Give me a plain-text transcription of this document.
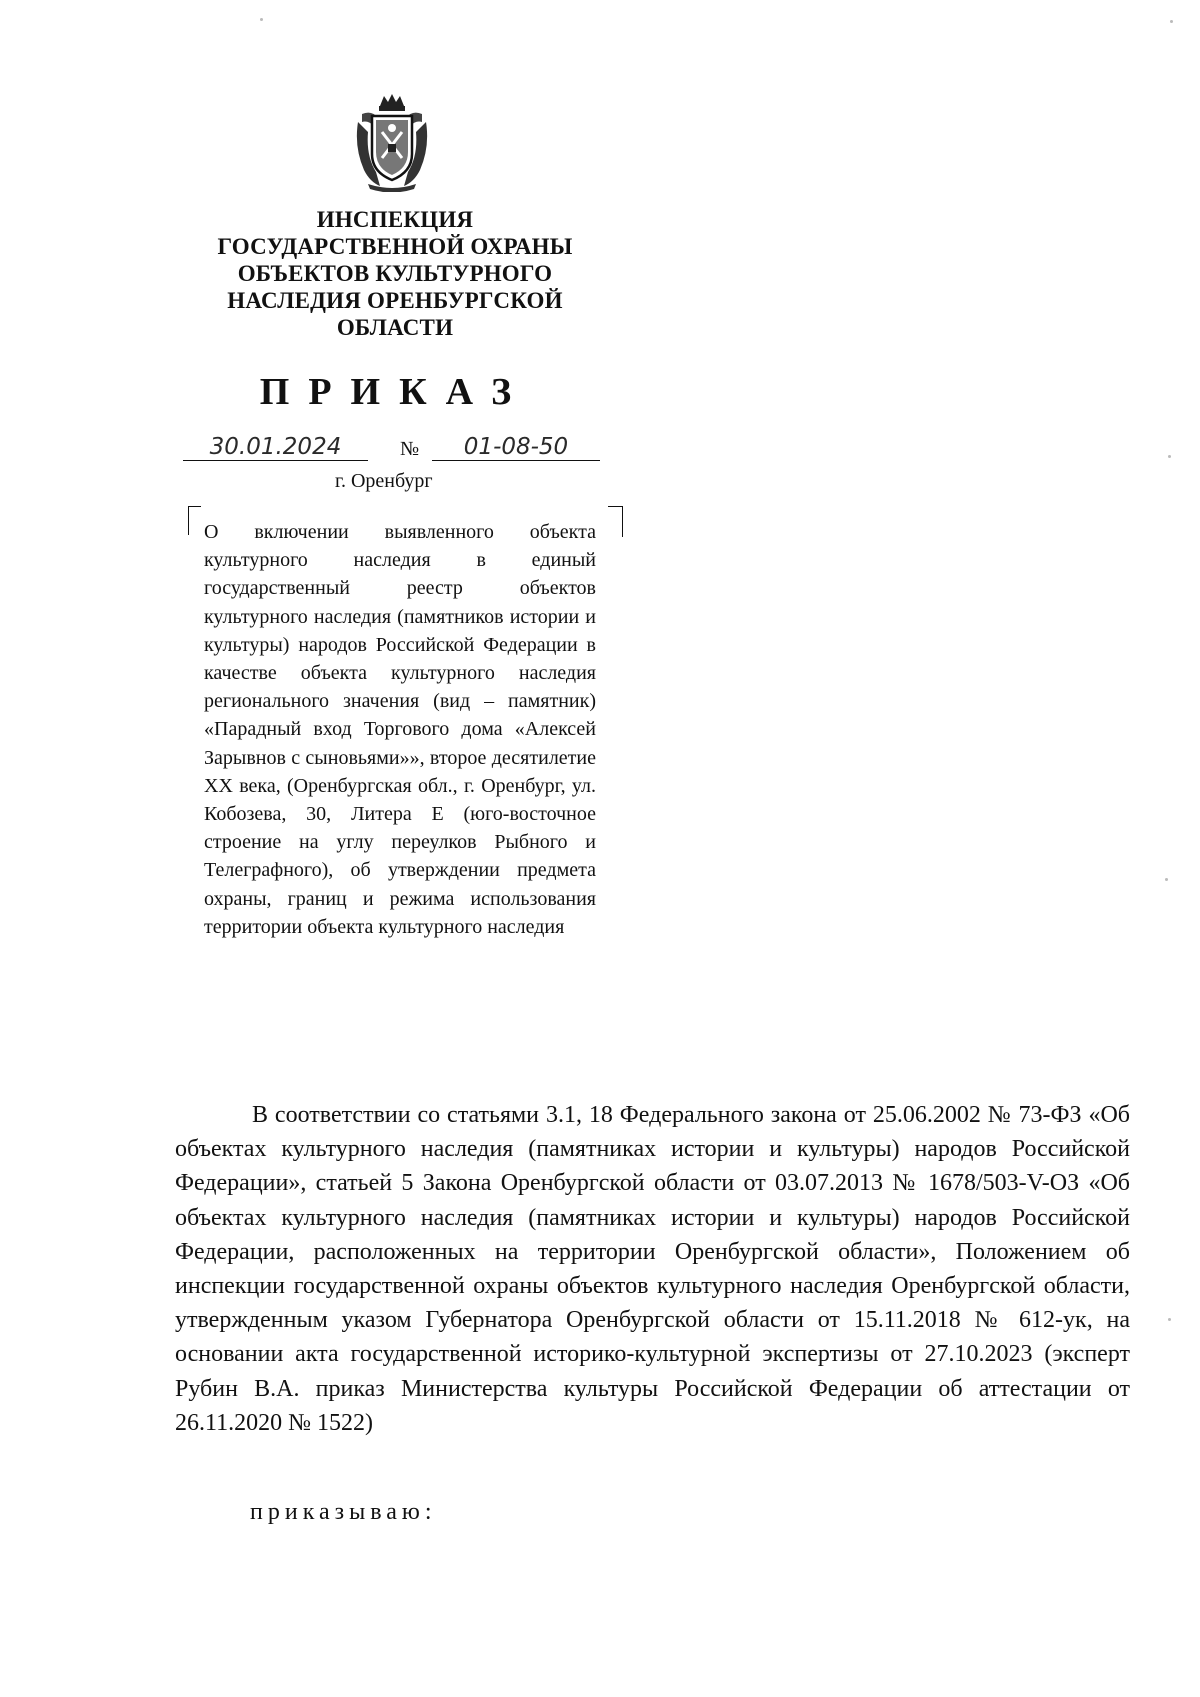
ИНСПЕКЦИЯ
ГОСУДАРСТВЕННОЙ ОХРАНЫ
ОБЪЕКТОВ КУЛЬТУРНОГО
НАСЛЕДИЯ ОРЕНБУРГСКОЙ
ОБЛАСТИ
ПРИКАЗ
30.01.2024	№	01-08-50
г. Оренбург
О включении выявленного объекта культурного наследия в единый государственный реестр объектов культурного наследия (памятников истории и культуры) народов Российской Федерации в качестве объекта культурного наследия регионального значения (вид – памятник) «Парадный вход Торгового дома «Алексей Зарывнов с сыновьями»», второе десятилетие XX века, (Оренбургская обл., г. Оренбург, ул. Кобозева, 30, Литера Е (юго-восточное строение на углу переулков Рыбного и Телеграфного), об утверждении предмета охраны, границ и режима использования территории объекта культурного наследия
В соответствии со статьями 3.1, 18 Федерального закона от 25.06.2002 № 73-ФЗ «Об объектах культурного наследия (памятниках истории и культуры) народов Российской Федерации», статьей 5 Закона Оренбургской области от 03.07.2013 № 1678/503-V-ОЗ «Об объектах культурного наследия (памятниках истории и культуры) народов Российской Федерации, расположенных на территории Оренбургской области», Положением об инспекции государственной охраны объектов культурного наследия Оренбургской области, утвержденным указом Губернатора Оренбургской области от 15.11.2018 № 612-ук, на основании акта государственной историко-культурной экспертизы от 27.10.2023 (эксперт Рубин В.А. приказ Министерства культуры Российской Федерации об аттестации от 26.11.2020 № 1522)
приказываю:
